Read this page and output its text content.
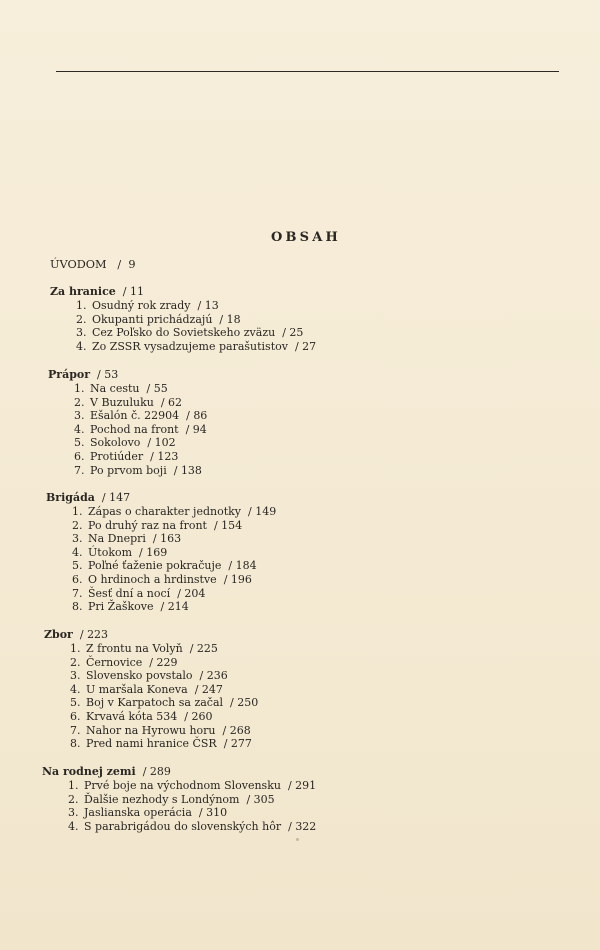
OBSAH
ÚVODOM   /  9
Za hranice  / 11
1. Osudný rok zrady  / 13
2. Okupanti prichádzajú  / 18
3. Cez Poľsko do Sovietskeho zväzu  / 25
4. Zo ZSSR vysadzujeme parašutistov  / 27
Prápor  / 53
1. Na cestu  / 55
2. V Buzuluku  / 62
3. Ešalón č. 22904  / 86
4. Pochod na front  / 94
5. Sokolovo  / 102
6. Protiúder  / 123
7. Po prvom boji  / 138
Brigáda  / 147
1. Zápas o charakter jednotky  / 149
2. Po druhý raz na front  / 154
3. Na Dnepri  / 163
4. Útokom  / 169
5. Poľné ťaženie pokračuje  / 184
6. O hrdinoch a hrdinstve  / 196
7. Šesť dní a nocí  / 204
8. Pri Žaškove  / 214
Zbor  / 223
1. Z frontu na Volyň  / 225
2. Černovice  / 229
3. Slovensko povstalo  / 236
4. U maršala Koneva  / 247
5. Boj v Karpatoch sa začal  / 250
6. Krvavá kóta 534  / 260
7. Nahor na Hyrowu horu  / 268
8. Pred nami hranice ČSR  / 277
Na rodnej zemi  / 289
1. Prvé boje na východnom Slovensku  / 291
2. Ďalšie nezhody s Londýnom  / 305
3. Jaslianska operácia  / 310
4. S parabrigádou do slovenských hôr  / 322
